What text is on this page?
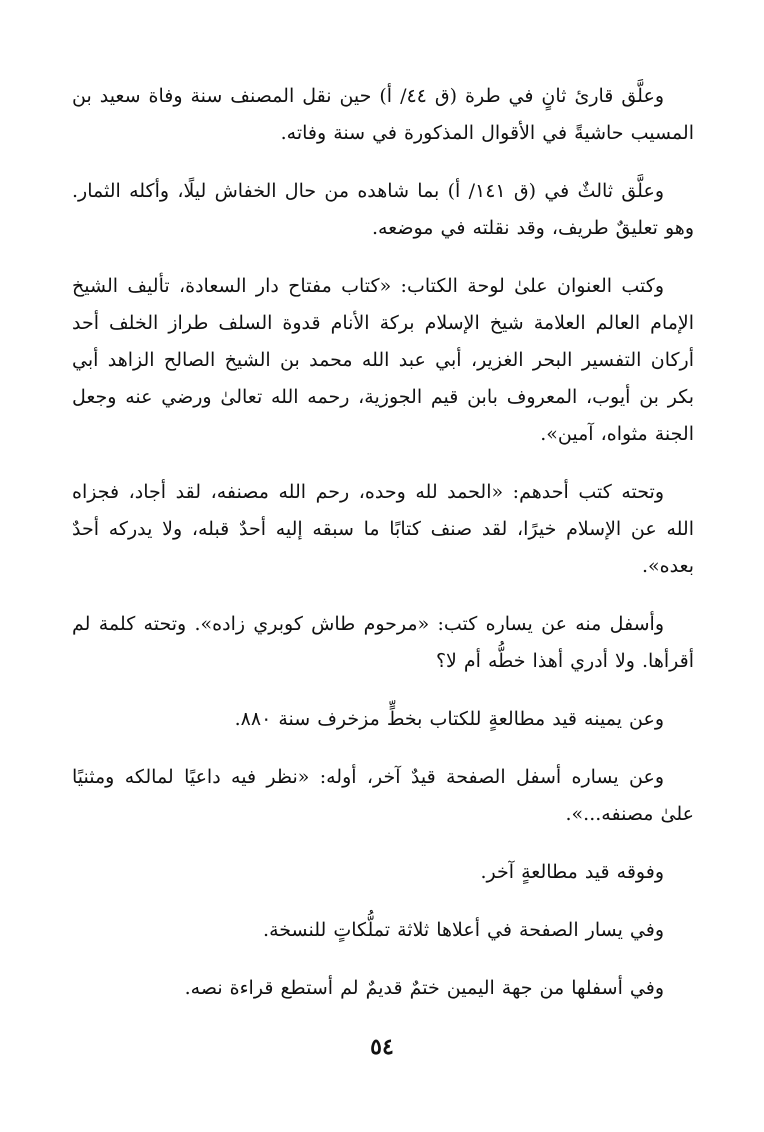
وعلَّق قارئ ثانٍ في طرة (ق ٤٤/ أ) حين نقل المصنف سنة وفاة سعيد بن المسيب حاشيةً في الأقوال المذكورة في سنة وفاته.

وعلَّق ثالثٌ في (ق ١٤١/ أ) بما شاهده من حال الخفاش ليلًا، وأكله الثمار. وهو تعليقٌ طريف، وقد نقلته في موضعه.

وكتب العنوان علىٰ لوحة الكتاب: «كتاب مفتاح دار السعادة، تأليف الشيخ الإمام العالم العلامة شيخ الإسلام بركة الأنام قدوة السلف طراز الخلف أحد أركان التفسير البحر الغزير، أبي عبد الله محمد بن الشيخ الصالح الزاهد أبي بكر بن أيوب، المعروف بابن قيم الجوزية، رحمه الله تعالىٰ ورضي عنه وجعل الجنة مثواه، آمين».

وتحته كتب أحدهم: «الحمد لله وحده، رحم الله مصنفه، لقد أجاد، فجزاه الله عن الإسلام خيرًا، لقد صنف كتابًا ما سبقه إليه أحدٌ قبله، ولا يدركه أحدٌ بعده».

وأسفل منه عن يساره كتب: «مرحوم طاش كوبري زاده». وتحته كلمة لم أقرأها. ولا أدري أهذا خطُّه أم لا؟

وعن يمينه قيد مطالعةٍ للكتاب بخطٍّ مزخرف سنة ٨٨٠.

وعن يساره أسفل الصفحة قيدٌ آخر، أوله: «نظر فيه داعيًا لمالكه ومثنيًا علىٰ مصنفه...».

وفوقه قيد مطالعةٍ آخر.

وفي يسار الصفحة في أعلاها ثلاثة تملُّكاتٍ للنسخة.

وفي أسفلها من جهة اليمين ختمٌ قديمٌ لم أستطع قراءة نصه.

٥٤
